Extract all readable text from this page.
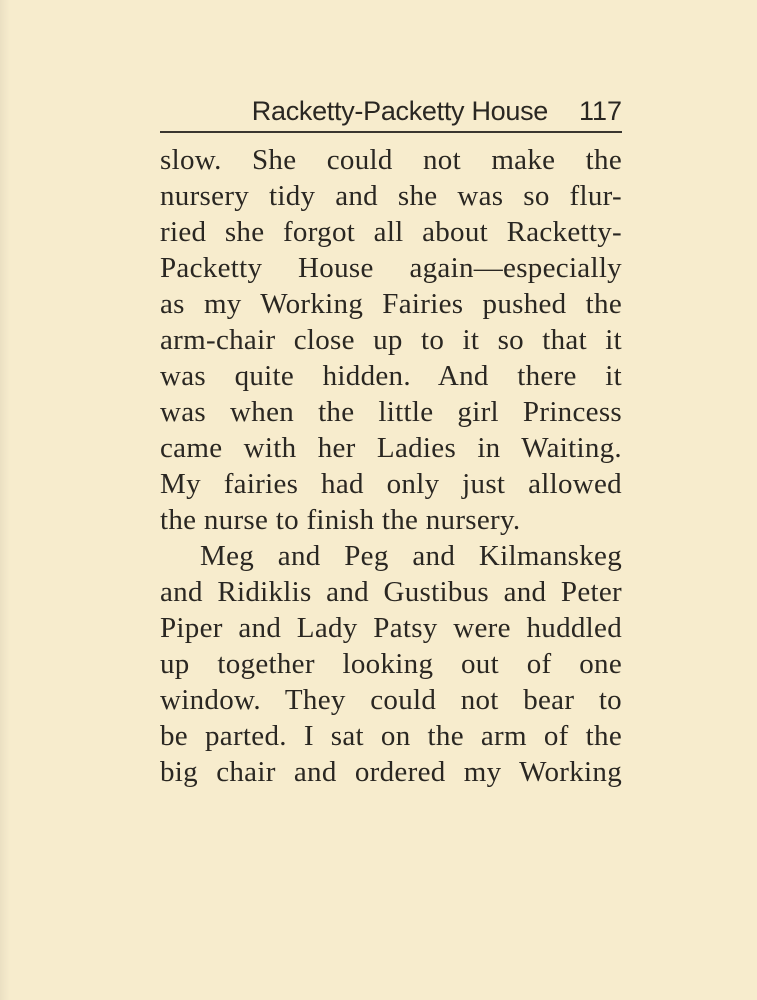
Racketty-Packetty House 117
slow. She could not make the
nursery tidy and she was so flur-
ried she forgot all about Racketty-
Packetty House again—especially
as my Working Fairies pushed the
arm-chair close up to it so that it
was quite hidden. And there it
was when the little girl Princess
came with her Ladies in Waiting.
My fairies had only just allowed
the nurse to finish the nursery.
Meg and Peg and Kilmanskeg
and Ridiklis and Gustibus and Peter
Piper and Lady Patsy were huddled
up together looking out of one
window. They could not bear to
be parted. I sat on the arm of the
big chair and ordered my Working
